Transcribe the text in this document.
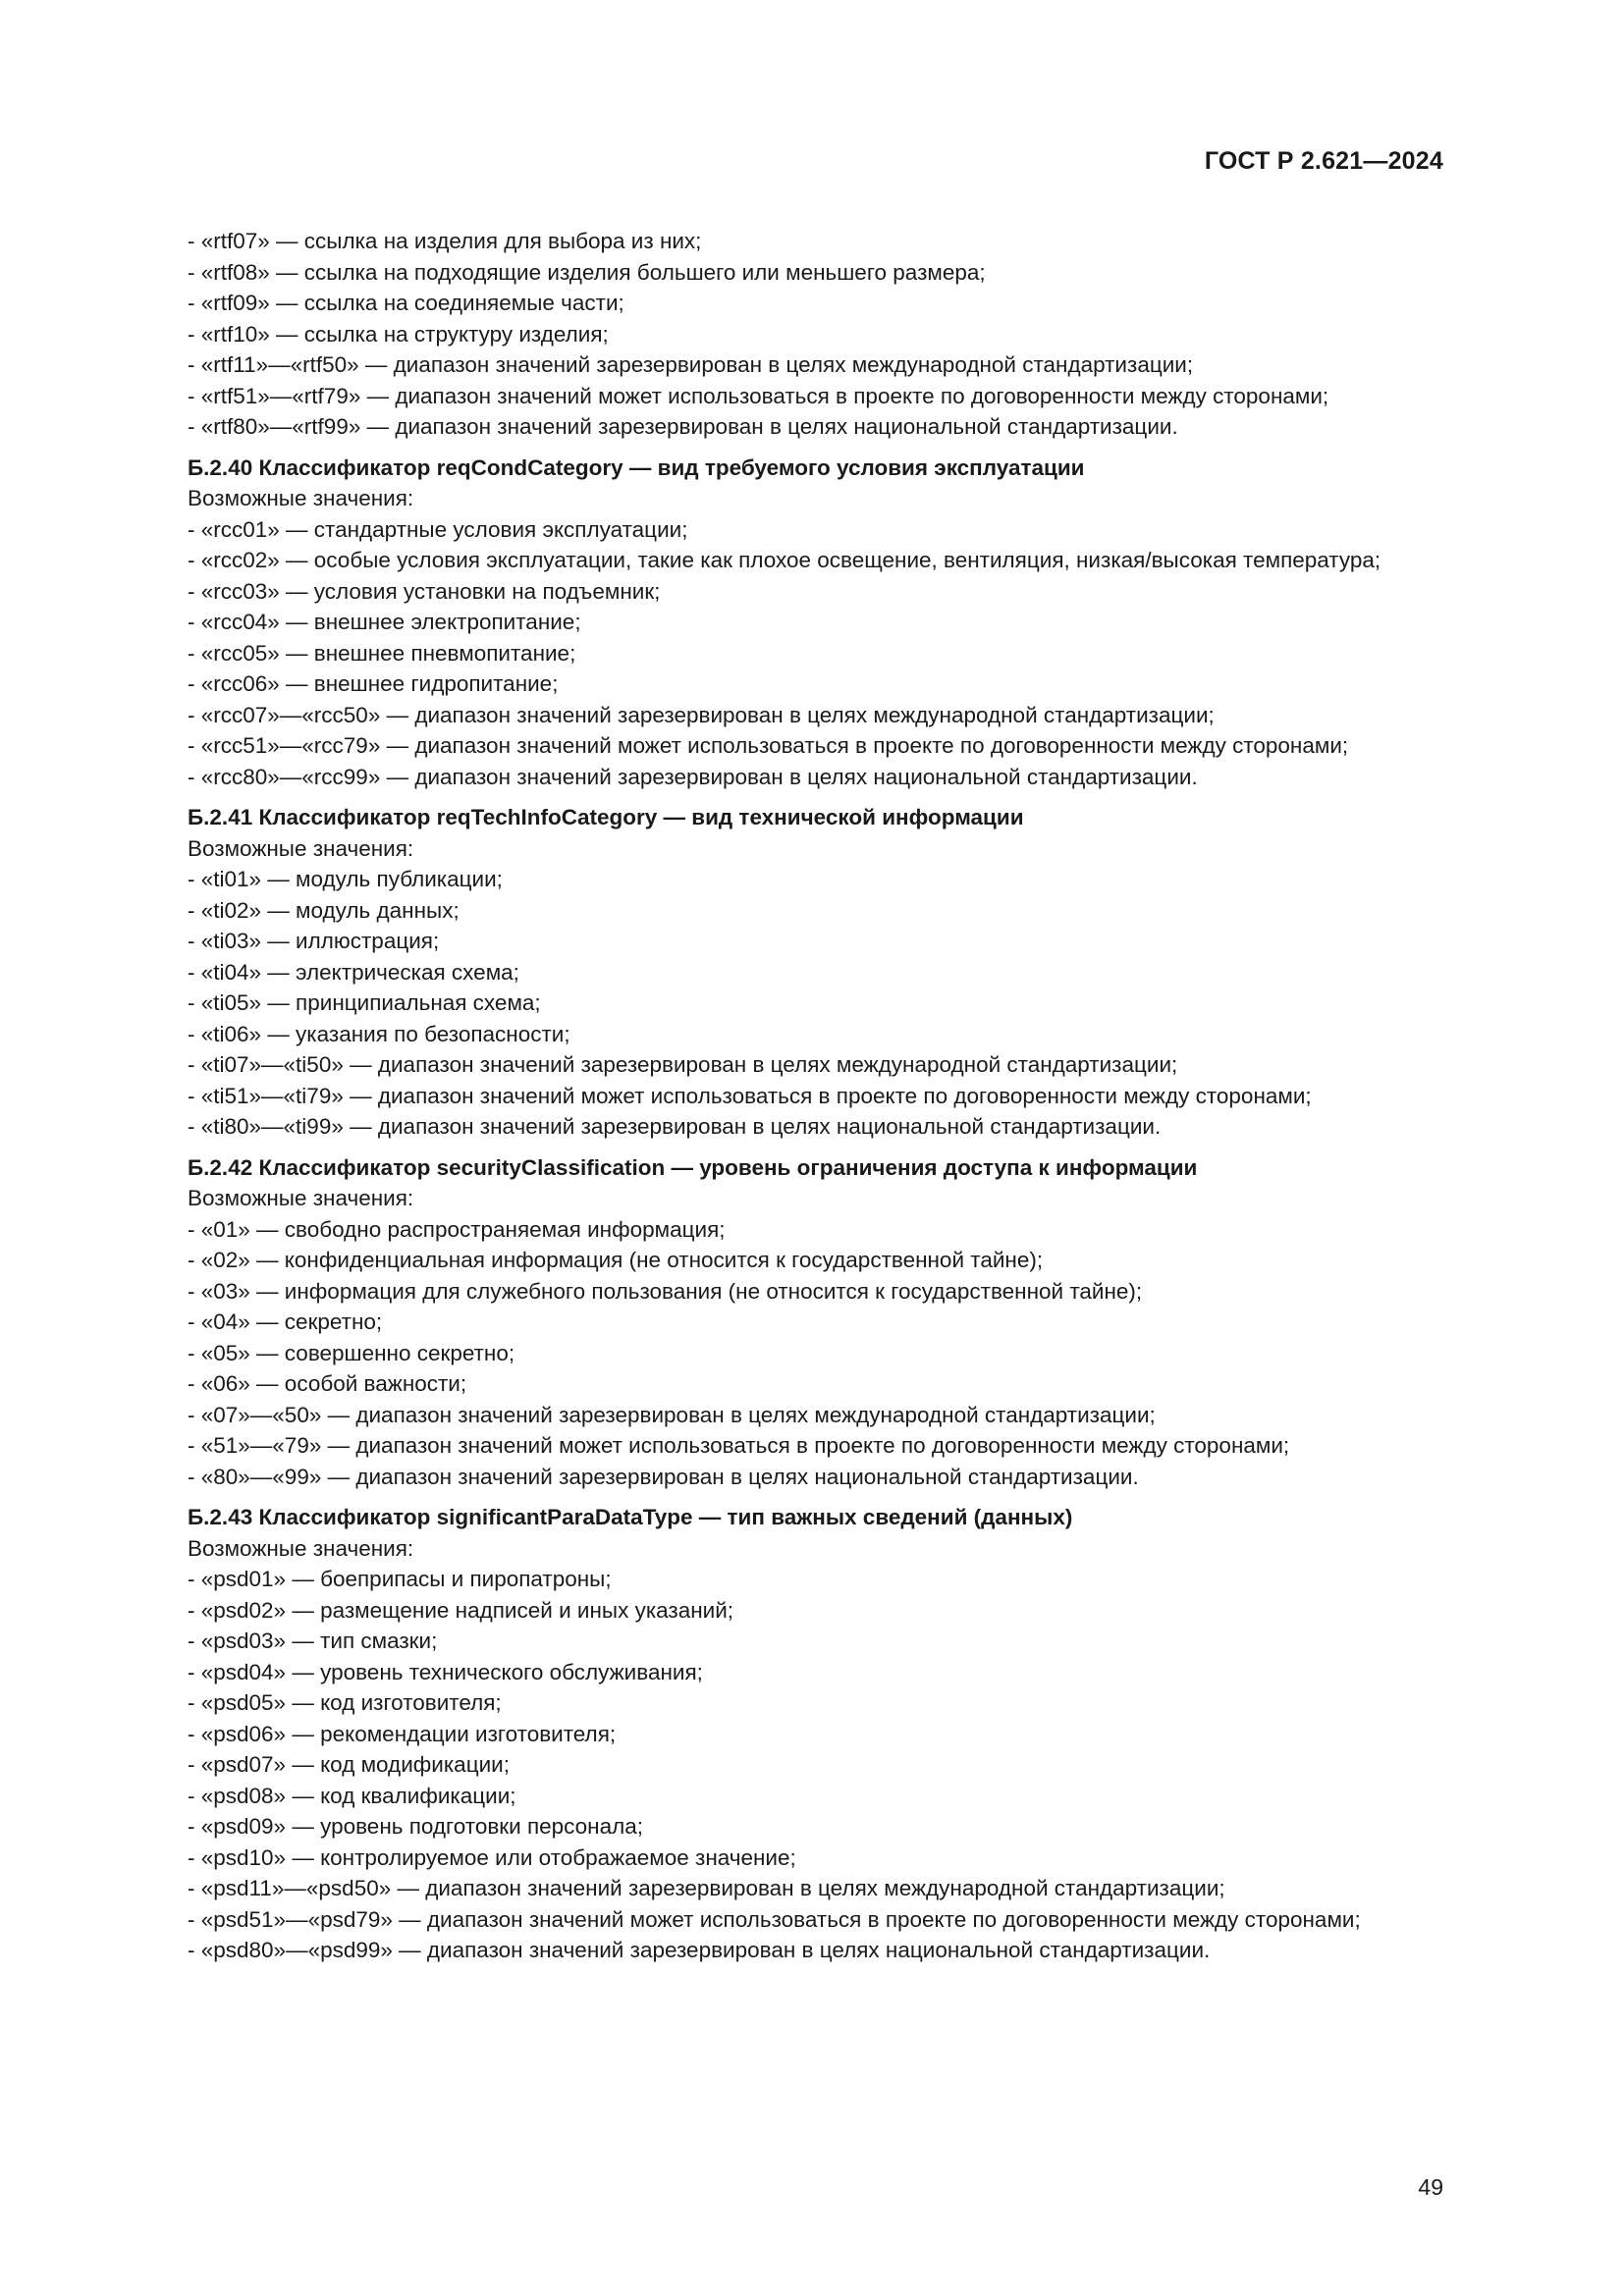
ГОСТ Р 2.621—2024
- «rtf07» — ссылка на изделия для выбора из них;
- «rtf08» — ссылка на подходящие изделия большего или меньшего размера;
- «rtf09» — ссылка на соединяемые части;
- «rtf10» — ссылка на структуру изделия;
- «rtf11»—«rtf50» — диапазон значений зарезервирован в целях международной стандартизации;
- «rtf51»—«rtf79» — диапазон значений может использоваться в проекте по договоренности между сторонами;
- «rtf80»—«rtf99» — диапазон значений зарезервирован в целях национальной стандартизации.
Б.2.40 Классификатор reqCondCategory — вид требуемого условия эксплуатации
Возможные значения:
- «rcc01» — стандартные условия эксплуатации;
- «rcc02» — особые условия эксплуатации, такие как плохое освещение, вентиляция, низкая/высокая температура;
- «rcc03» — условия установки на подъемник;
- «rcc04» — внешнее электропитание;
- «rcc05» — внешнее пневмопитание;
- «rcc06» — внешнее гидропитание;
- «rcc07»—«rcc50» — диапазон значений зарезервирован в целях международной стандартизации;
- «rcc51»—«rcc79» — диапазон значений может использоваться в проекте по договоренности между сторонами;
- «rcc80»—«rcc99» — диапазон значений зарезервирован в целях национальной стандартизации.
Б.2.41 Классификатор reqTechInfoCategory — вид технической информации
Возможные значения:
- «ti01» — модуль публикации;
- «ti02» — модуль данных;
- «ti03» — иллюстрация;
- «ti04» — электрическая схема;
- «ti05» — принципиальная схема;
- «ti06» — указания по безопасности;
- «ti07»—«ti50» — диапазон значений зарезервирован в целях международной стандартизации;
- «ti51»—«ti79» — диапазон значений может использоваться в проекте по договоренности между сторонами;
- «ti80»—«ti99» — диапазон значений зарезервирован в целях национальной стандартизации.
Б.2.42 Классификатор securityClassification — уровень ограничения доступа к информации
Возможные значения:
- «01» — свободно распространяемая информация;
- «02» — конфиденциальная информация (не относится к государственной тайне);
- «03» — информация для служебного пользования (не относится к государственной тайне);
- «04» — секретно;
- «05» — совершенно секретно;
- «06» — особой важности;
- «07»—«50» — диапазон значений зарезервирован в целях международной стандартизации;
- «51»—«79» — диапазон значений может использоваться в проекте по договоренности между сторонами;
- «80»—«99» — диапазон значений зарезервирован в целях национальной стандартизации.
Б.2.43 Классификатор significantParaDataType — тип важных сведений (данных)
Возможные значения:
- «psd01» — боеприпасы и пиропатроны;
- «psd02» — размещение надписей и иных указаний;
- «psd03» — тип смазки;
- «psd04» — уровень технического обслуживания;
- «psd05» — код изготовителя;
- «psd06» — рекомендации изготовителя;
- «psd07» — код модификации;
- «psd08» — код квалификации;
- «psd09» — уровень подготовки персонала;
- «psd10» — контролируемое или отображаемое значение;
- «psd11»—«psd50» — диапазон значений зарезервирован в целях международной стандартизации;
- «psd51»—«psd79» — диапазон значений может использоваться в проекте по договоренности между сторонами;
- «psd80»—«psd99» — диапазон значений зарезервирован в целях национальной стандартизации.
49
